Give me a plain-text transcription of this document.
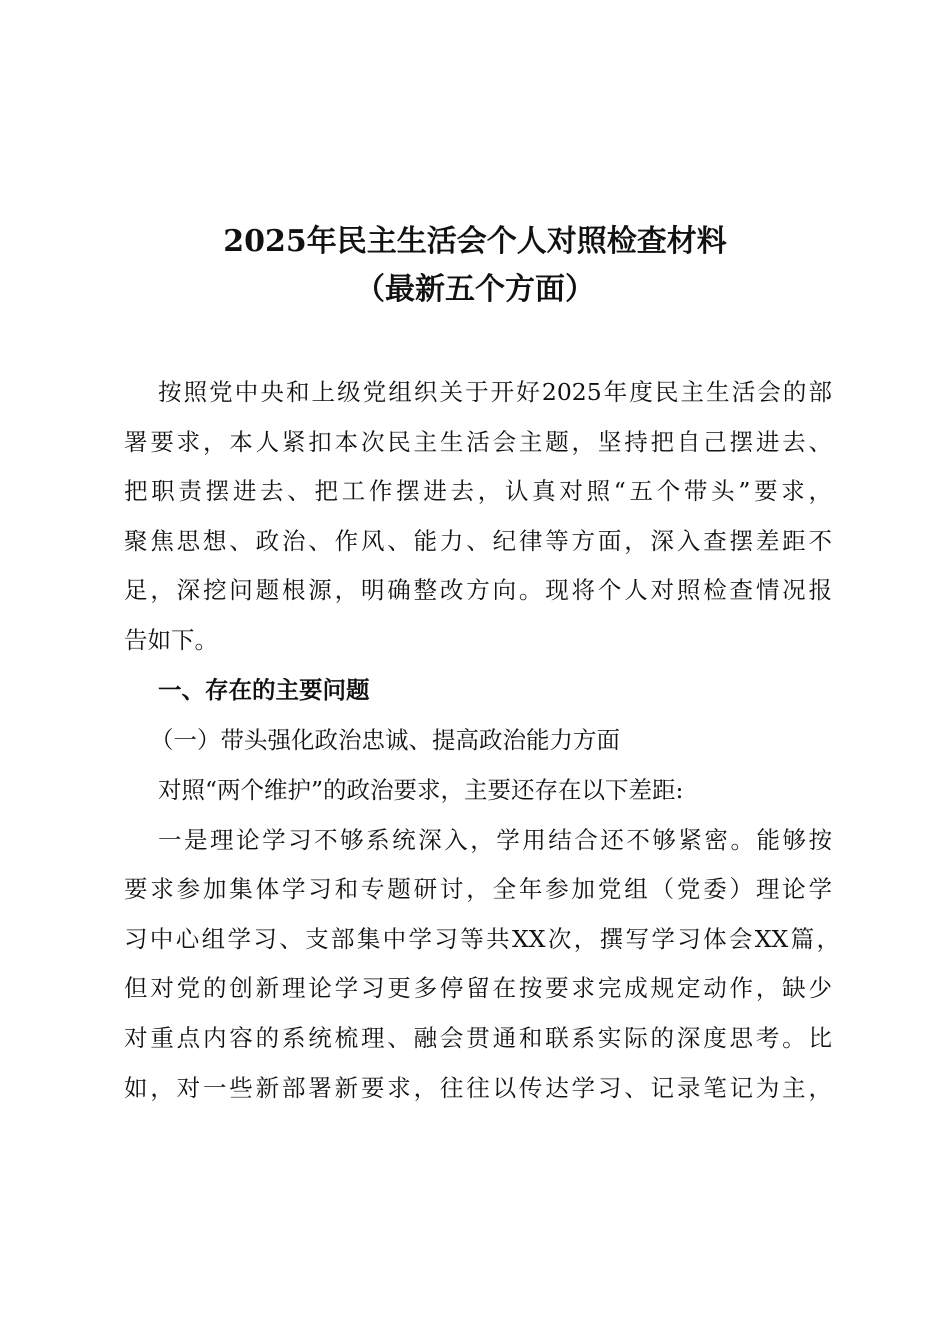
2025年民主生活会个人对照检查材料
（最新五个方面）
按照党中央和上级党组织关于开好2025年度民主生活会的部
署要求，本人紧扣本次民主生活会主题，坚持把自己摆进去、
把职责摆进去、把工作摆进去，认真对照“五个带头”要求，
聚焦思想、政治、作风、能力、纪律等方面，深入查摆差距不
足，深挖问题根源，明确整改方向。现将个人对照检查情况报
告如下。
一、存在的主要问题
（一）带头强化政治忠诚、提高政治能力方面
对照“两个维护”的政治要求，主要还存在以下差距:
一是理论学习不够系统深入，学用结合还不够紧密。能够按
要求参加集体学习和专题研讨，全年参加党组（党委）理论学
习中心组学习、支部集中学习等共XX次，撰写学习体会XX篇，
但对党的创新理论学习更多停留在按要求完成规定动作，缺少
对重点内容的系统梳理、融会贯通和联系实际的深度思考。比
如，对一些新部署新要求，往往以传达学习、记录笔记为主，
